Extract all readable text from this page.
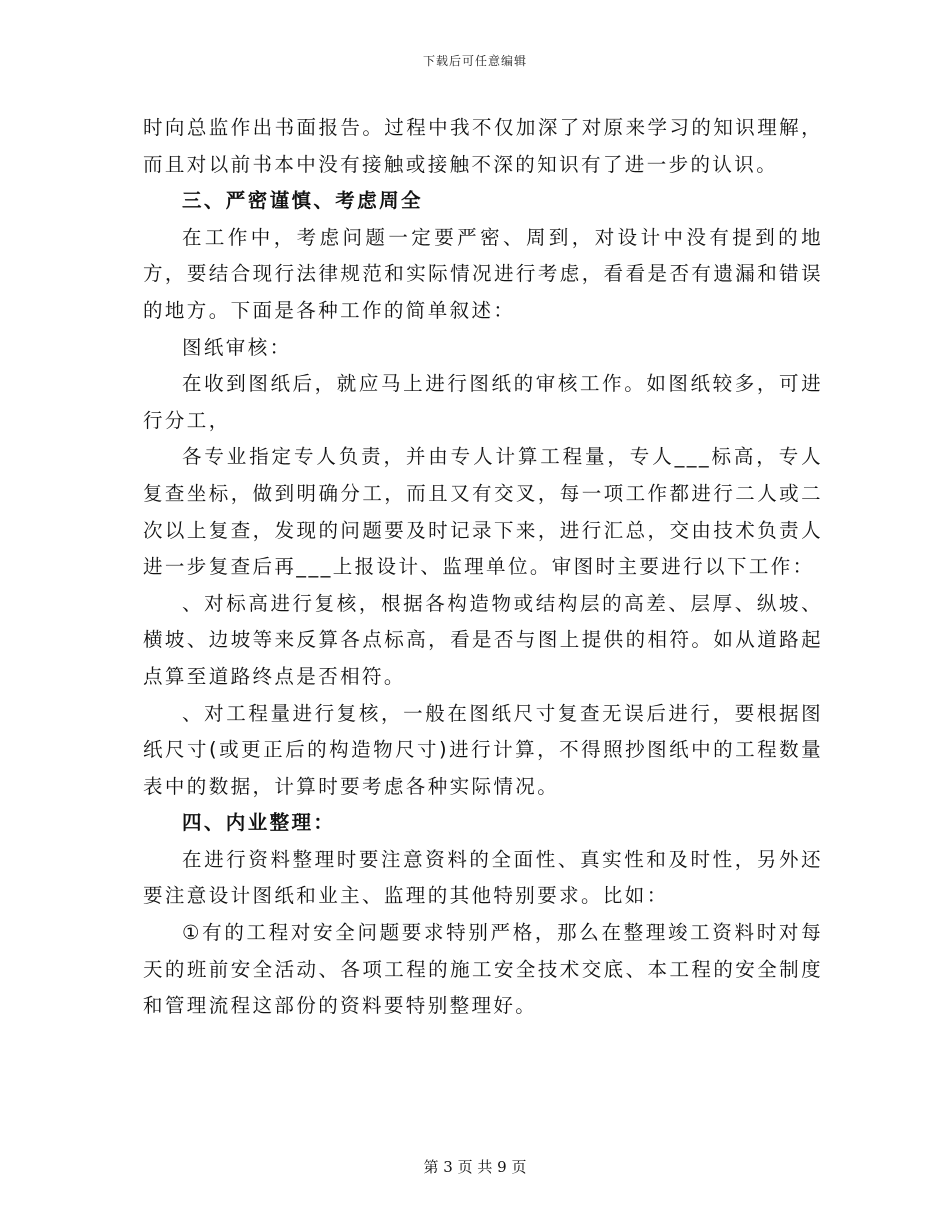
下载后可任意编辑

时向总监作出书面报告。过程中我不仅加深了对原来学习的知识理解，而且对以前书本中没有接触或接触不深的知识有了进一步的认识。

三、严密谨慎、考虑周全

在工作中，考虑问题一定要严密、周到，对设计中没有提到的地方，要结合现行法律规范和实际情况进行考虑，看看是否有遗漏和错误的地方。下面是各种工作的简单叙述：

图纸审核：

在收到图纸后，就应马上进行图纸的审核工作。如图纸较多，可进行分工，

各专业指定专人负责，并由专人计算工程量，专人___标高，专人复查坐标，做到明确分工，而且又有交叉，每一项工作都进行二人或二次以上复查，发现的问题要及时记录下来，进行汇总，交由技术负责人进一步复查后再___上报设计、监理单位。审图时主要进行以下工作：

、对标高进行复核，根据各构造物或结构层的高差、层厚、纵坡、横坡、边坡等来反算各点标高，看是否与图上提供的相符。如从道路起点算至道路终点是否相符。

、对工程量进行复核，一般在图纸尺寸复查无误后进行，要根据图纸尺寸(或更正后的构造物尺寸)进行计算，不得照抄图纸中的工程数量表中的数据，计算时要考虑各种实际情况。

四、内业整理：

在进行资料整理时要注意资料的全面性、真实性和及时性，另外还要注意设计图纸和业主、监理的其他特别要求。比如：

①有的工程对安全问题要求特别严格，那么在整理竣工资料时对每天的班前安全活动、各项工程的施工安全技术交底、本工程的安全制度和管理流程这部份的资料要特别整理好。

第 3 页 共 9 页
